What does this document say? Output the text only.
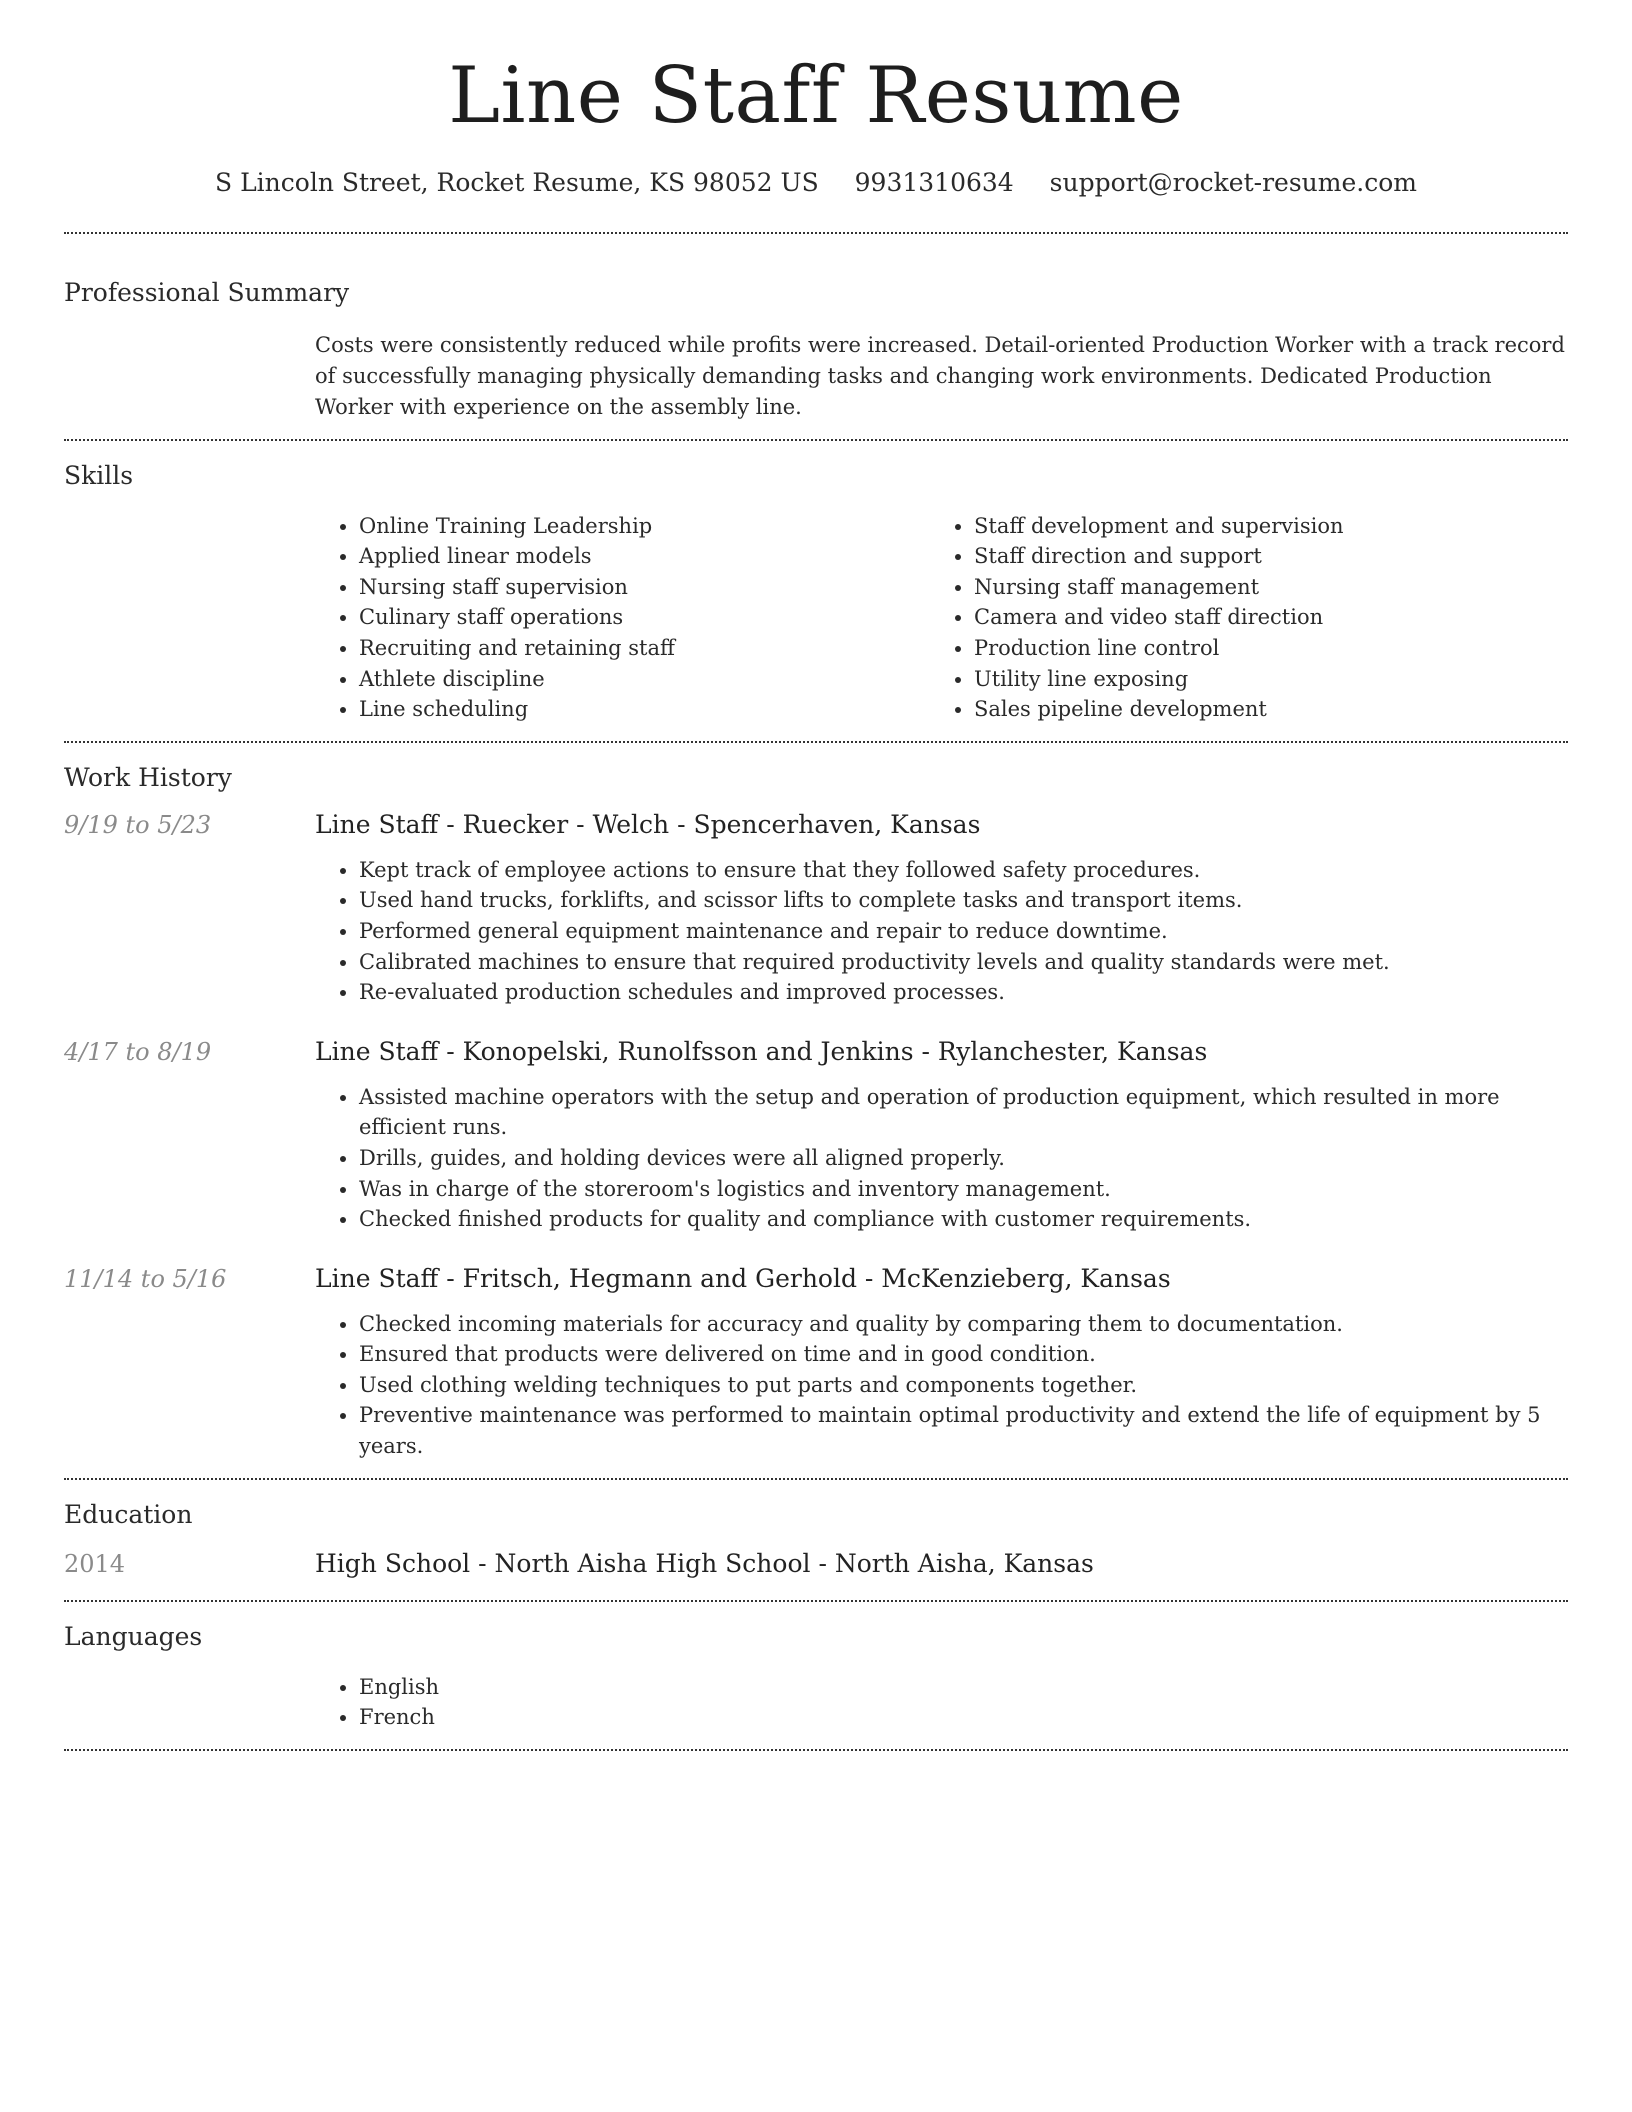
Line Staff Resume
S Lincoln Street, Rocket Resume, KS 98052 US 9931310634 support@rocket-resume.com
Professional Summary

Costs were consistently reduced while profits were increased. Detail-oriented Production Worker with a track record of successfully managing physically demanding tasks and changing work environments. Dedicated Production Worker with experience on the assembly line.

Skills
• Online Training Leadership
• Applied linear models
• Nursing staff supervision
• Culinary staff operations
• Recruiting and retaining staff
• Athlete discipline
• Line scheduling
• Staff development and supervision
• Staff direction and support
• Nursing staff management
• Camera and video staff direction
• Production line control
• Utility line exposing
• Sales pipeline development
Work History
9/19 to 5/23	Line Staff - Ruecker - Welch - Spencerhaven, Kansas
• Kept track of employee actions to ensure that they followed safety procedures.
• Used hand trucks, forklifts, and scissor lifts to complete tasks and transport items.
• Performed general equipment maintenance and repair to reduce downtime.
• Calibrated machines to ensure that required productivity levels and quality standards were met.
• Re-evaluated production schedules and improved processes.
4/17 to 8/19	Line Staff - Konopelski, Runolfsson and Jenkins - Rylanchester, Kansas
• Assisted machine operators with the setup and operation of production equipment, which resulted in more efficient runs.
• Drills, guides, and holding devices were all aligned properly.
• Was in charge of the storeroom's logistics and inventory management.
• Checked finished products for quality and compliance with customer requirements.
11/14 to 5/16	Line Staff - Fritsch, Hegmann and Gerhold - McKenzieberg, Kansas
• Checked incoming materials for accuracy and quality by comparing them to documentation.
• Ensured that products were delivered on time and in good condition.
• Used clothing welding techniques to put parts and components together.
• Preventive maintenance was performed to maintain optimal productivity and extend the life of equipment by 5 years.
Education
2014	High School - North Aisha High School - North Aisha, Kansas
Languages
• English
• French
